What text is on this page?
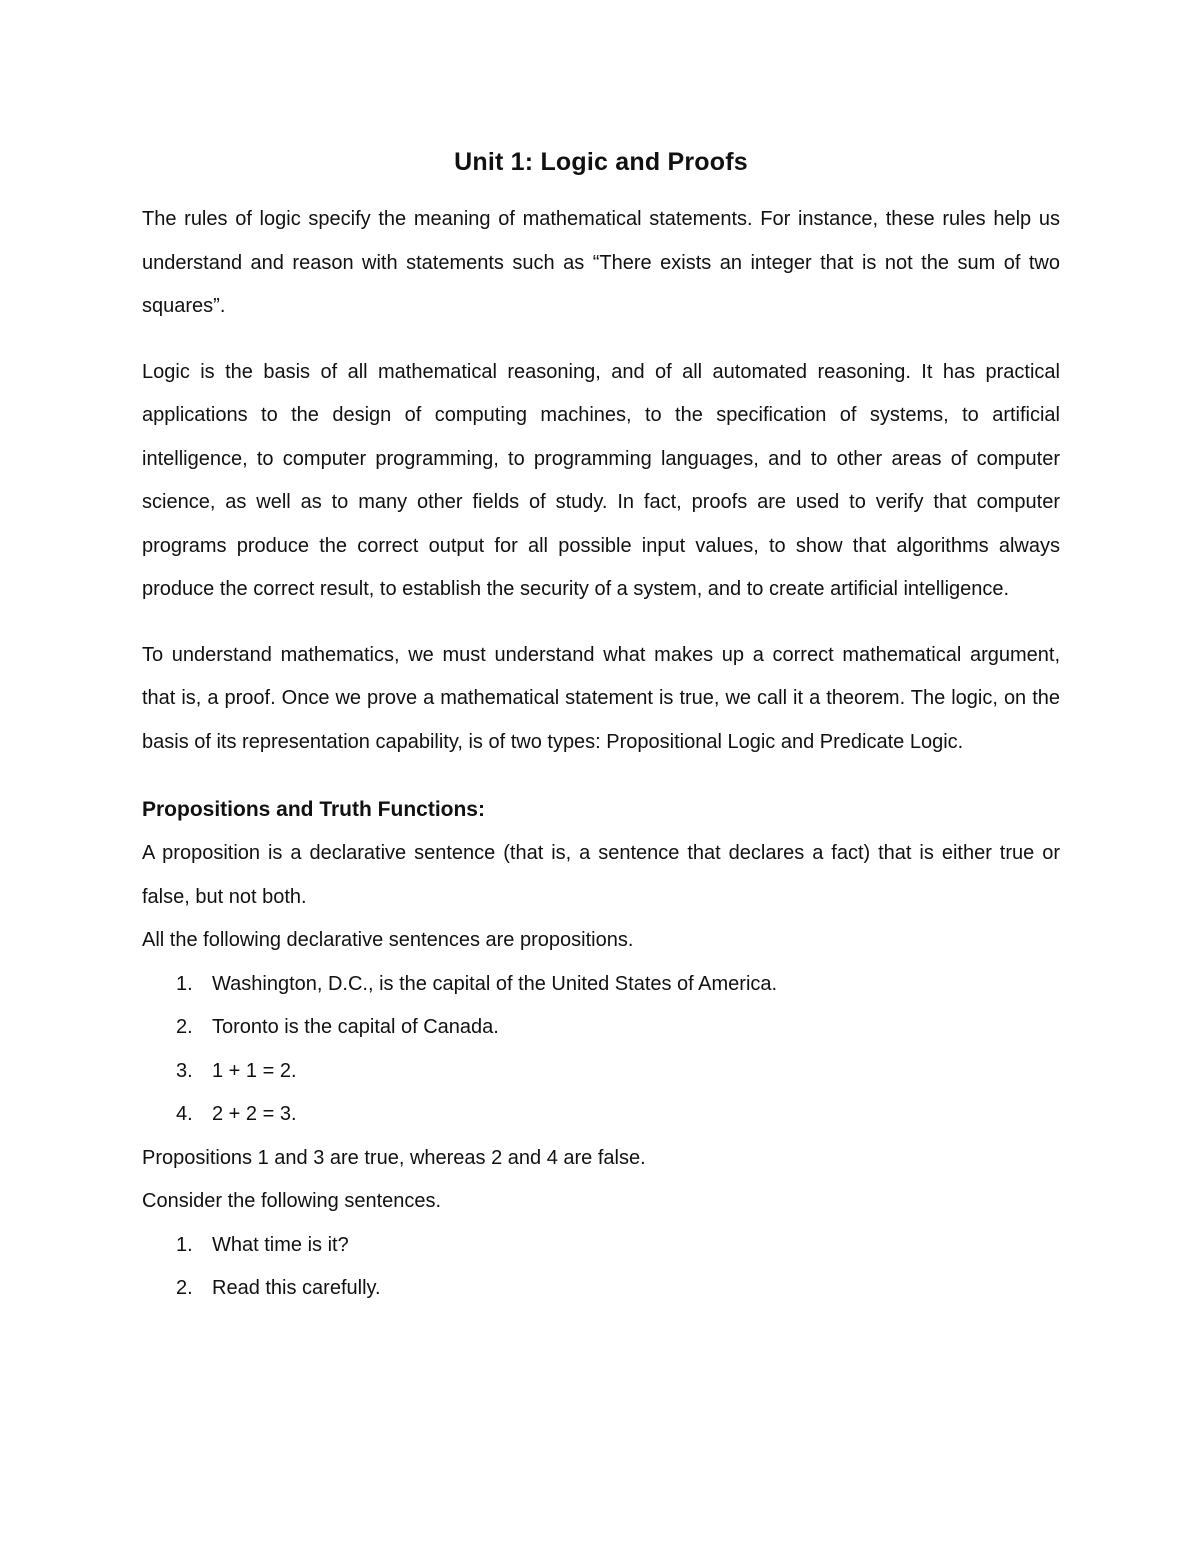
Unit 1: Logic and Proofs

The rules of logic specify the meaning of mathematical statements. For instance, these rules help us understand and reason with statements such as “There exists an integer that is not the sum of two squares”.

Logic is the basis of all mathematical reasoning, and of all automated reasoning. It has practical applications to the design of computing machines, to the specification of systems, to artificial intelligence, to computer programming, to programming languages, and to other areas of computer science, as well as to many other fields of study. In fact, proofs are used to verify that computer programs produce the correct output for all possible input values, to show that algorithms always produce the correct result, to establish the security of a system, and to create artificial intelligence.

To understand mathematics, we must understand what makes up a correct mathematical argument, that is, a proof. Once we prove a mathematical statement is true, we call it a theorem. The logic, on the basis of its representation capability, is of two types: Propositional Logic and Predicate Logic.

Propositions and Truth Functions:

A proposition is a declarative sentence (that is, a sentence that declares a fact) that is either true or false, but not both.

All the following declarative sentences are propositions.

1. Washington, D.C., is the capital of the United States of America.
2. Toronto is the capital of Canada.
3. 1 + 1 = 2.
4. 2 + 2 = 3.

Propositions 1 and 3 are true, whereas 2 and 4 are false.

Consider the following sentences.

1. What time is it?
2. Read this carefully.
